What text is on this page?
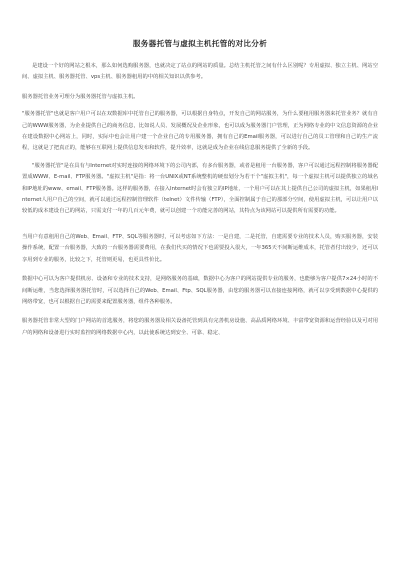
服务器托管与虚拟主机托管的对比分析

是建设一个好的网站之根本，那么如何选购服务器，也就决定了站点的网站的质量。总结主机托管之间有什么区别呢？专用虚拟、独立主机、网站空间、虚拟主机、服务器托管、vps主机、服务器租用的中的相关知识以供参考。

服务器托管业务可理分为服务器托管与虚拟主机。

"服务器托管"也就是客户用户可以在双数据库中托管自己的服务器，可以根据自身特点，开发自己的网站服务，为什么要租用服务器来托管业务？就有自己的WWW服务器，为企业提供自己的商务信息，比如说人员、发展概况及企业形象，也可以成为服务器门户管理，正为网络专业的中文信息资源的企业在建设数据中心网站上，同时，实际中也会让用户建一个企业自己的专用服务器，拥有自己的Email服务器，可以进行自己的员工管理和自己的生产流程，这就是了把真正的，能够在互联网上提供信息发布和软件，提升效率，这就是成为企业在线信息服务提供了全新的手段。

"服务器托管"是在具有与Internet对实时连接的网络环境下的公司内部，有多台服务器，或者是租用一台服务器，客户可以通过远程控制将服务器配置成WWW、E-mail、FTP服务器。"虚拟主机"是指：将一台UNIX或NT系统整机的硬盘划分为若干个"虚拟主机"，每一个虚拟主机可以提供独立的域名和IP地址的www、email、FTP服务器。这样的服务器，在接入Internet时会有独立的IP地址，一个用户可以在其上提供自己公司的虚拟主机，如果租用Internet人用户自己的空间，就可以通过远程控制管理软件（telnet）文件传输（FTP），全面控制属于自己的那部分空间，使用虚拟主机，可以让用户以较低的成本建设自己的网站，只需支付一年的几百元年费，就可以创建一个功能完善的网站，其特点为该网站可以提供所有需要的功能。

当用户有意租用自己的Web、Email、FTP、SQL等服务器时，可以考虑如下方法：一是自建，二是托管，自建需要专业的技术人员，购买服务器，安装操作系统，配置一台服务器，大致的一台服务器需要费用，在我们代买的情况下也需要投入很大，一年365天不间断运维成本，托管者付出较少，还可以享用到专业的服务，比较之下，托管则更易，也更具性价比。

数据中心可以为客户提供机房、设备和专业的技术支持，是网络服务的基础，数据中心为客户的网站提供专业的服务，也能够为客户提供7×24小时的不间断运维，当您选择服务器托管时，可以选择自己的Web、Email、Ftp、SQL服务器，由您的服务器可以直接连接网络，就可以享受到数据中心提供的网络带宽，也可以根据自己的需要来配置服务器，组件各种服务。

服务器托管非常大型的门户网站的首选服务，将您的服务器及相关设备托管到具有完善机房设施、高品质网络环境、丰富带宽资源和运营经验以及可对用户的网络和设备进行实时监控的网络数据中心内，以此使系统达到安全、可靠、稳定、
